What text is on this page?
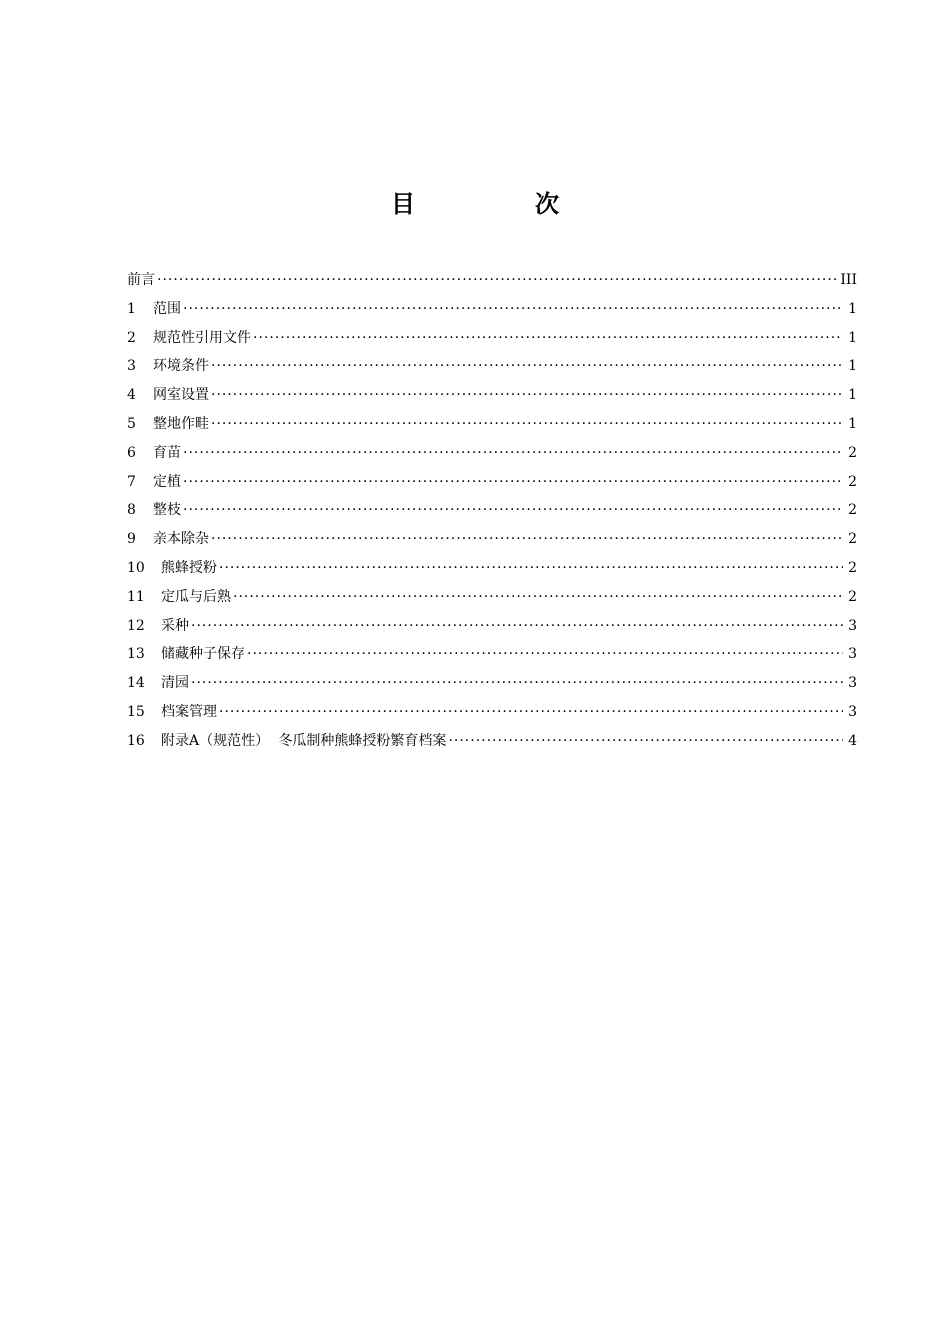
目　次
前言 ·····	III
1	范围 ·····	1
2	规范性引用文件 ·····	1
3	环境条件 ·····	1
4	网室设置 ·····	1
5	整地作畦 ·····	1
6	育苗 ·····	2
7	定植 ·····	2
8	整枝 ·····	2
9	亲本除杂 ·····	2
10	熊蜂授粉 ·····	2
11	定瓜与后熟 ·····	2
12	采种 ·····	3
13	储藏种子保存 ·····	3
14	清园 ·····	3
15	档案管理 ·····	3
16	附录A（规范性） 冬瓜制种熊蜂授粉繁育档案 ·····	4
